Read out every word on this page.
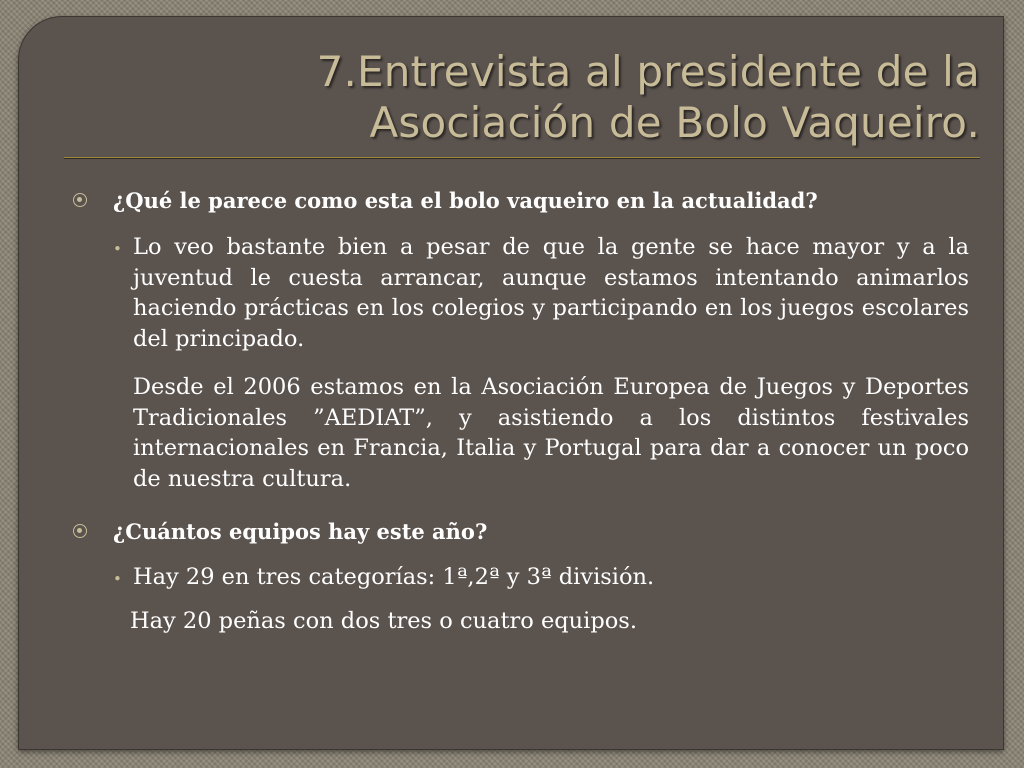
7.Entrevista al presidente de la Asociación de Bolo Vaqueiro.
¿Qué le parece como esta el bolo vaqueiro en la actualidad?
• Lo veo bastante bien a pesar de que la gente se hace mayor y a la juventud le cuesta arrancar, aunque estamos intentando animarlos haciendo prácticas en los colegios y participando en los juegos escolares del principado.
Desde el 2006 estamos en la Asociación Europea de Juegos y Deportes Tradicionales ”AEDIAT”, y asistiendo a los distintos festivales internacionales en Francia, Italia y Portugal para dar a conocer un poco de nuestra cultura.
¿Cuántos equipos hay este año?
• Hay 29 en tres categorías: 1ª,2ª y 3ª división.
Hay 20 peñas con dos tres o cuatro equipos.
